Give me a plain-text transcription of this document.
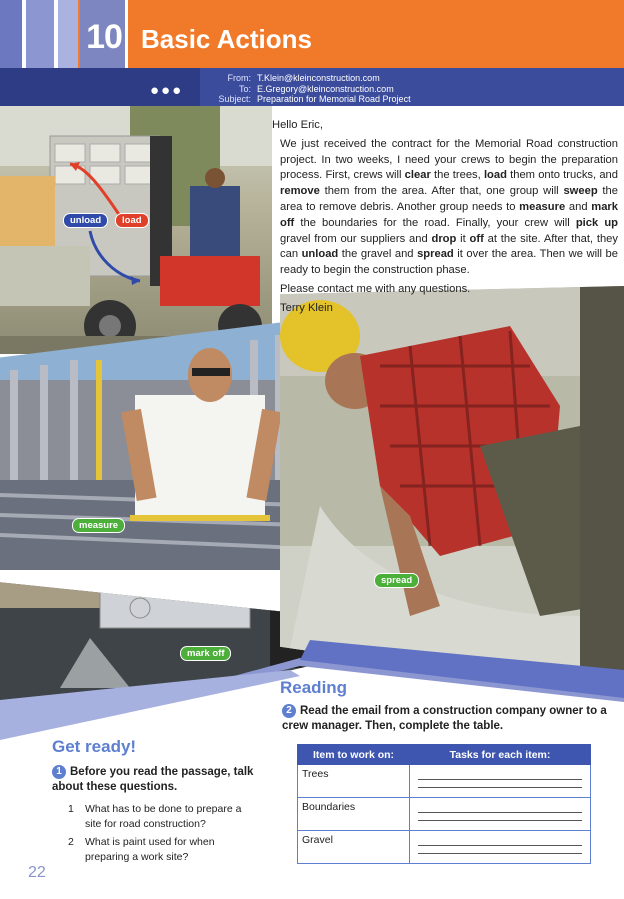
10 Basic Actions
●●●
From: T.Klein@kleinconstruction.com
To: E.Gregory@kleinconstruction.com
Subject: Preparation for Memorial Road Project
unload	load
measure
mark off
spread

Hello Eric,

We just received the contract for the Memorial Road construction project. In two weeks, I need your crews to begin the preparation process. First, crews will clear the trees, load them onto trucks, and remove them from the area. After that, one group will sweep the area to remove debris. Another group needs to measure and mark off the boundaries for the road. Finally, your crew will pick up gravel from our suppliers and drop it off at the site. After that, they can unload the gravel and spread it over the area. Then we will be ready to begin the construction phase.

Please contact me with any questions.

Terry Klein

Reading
2 Read the email from a construction company owner to a crew manager. Then, complete the table.
Item to work on:	Tasks for each item:
Trees	

Boundaries	

Gravel	
Get ready!
1 Before you read the passage, talk about these questions.
1	What has to be done to prepare a site for road construction?
2	What is paint used for when preparing a work site?
22
